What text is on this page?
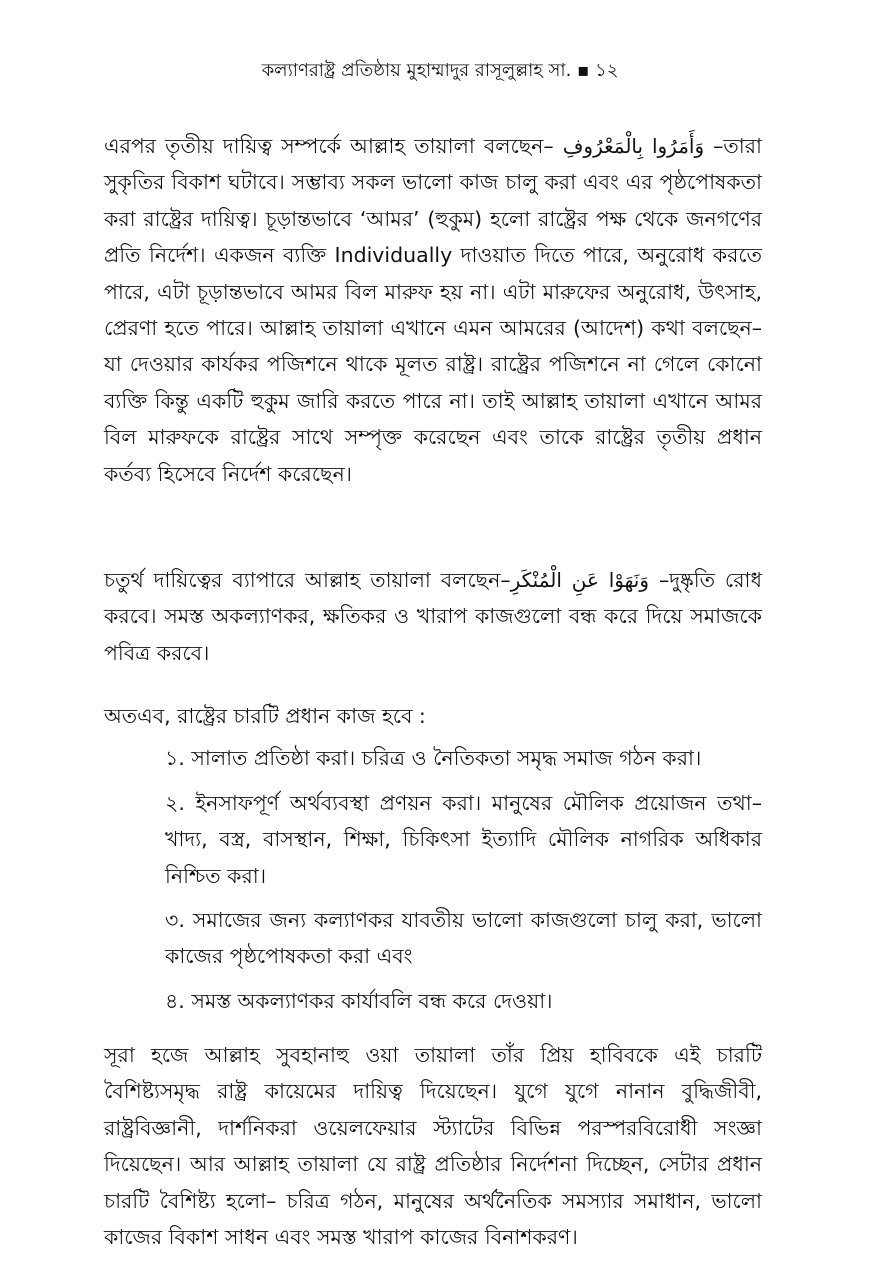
কল্যাণরাষ্ট্র প্রতিষ্ঠায় মুহাম্মাদুর রাসূলুল্লাহ সা. ▪ ১২

এরপর তৃতীয় দায়িত্ব সম্পর্কে আল্লাহ তায়ালা বলছেন– وَأَمَرُوا بِالْمَعْرُوفِ –তারা সুকৃতির বিকাশ ঘটাবে। সম্ভাব্য সকল ভালো কাজ চালু করা এবং এর পৃষ্ঠপোষকতা করা রাষ্ট্রের দায়িত্ব। চূড়ান্তভাবে ‘আমর’ (হুকুম) হলো রাষ্ট্রের পক্ষ থেকে জনগণের প্রতি নির্দেশ। একজন ব্যক্তি Individually দাওয়াত দিতে পারে, অনুরোধ করতে পারে, এটা চূড়ান্তভাবে আমর বিল মারুফ হয় না। এটা মারুফের অনুরোধ, উৎসাহ, প্রেরণা হতে পারে। আল্লাহ তায়ালা এখানে এমন আমরের (আদেশ) কথা বলছেন– যা দেওয়ার কার্যকর পজিশনে থাকে মূলত রাষ্ট্র। রাষ্ট্রের পজিশনে না গেলে কোনো ব্যক্তি কিন্তু একটি হুকুম জারি করতে পারে না। তাই আল্লাহ তায়ালা এখানে আমর বিল মারুফকে রাষ্ট্রের সাথে সম্পৃক্ত করেছেন এবং তাকে রাষ্ট্রের তৃতীয় প্রধান কর্তব্য হিসেবে নির্দেশ করেছেন।

চতুর্থ দায়িত্বের ব্যাপারে আল্লাহ তায়ালা বলছেন–وَنَهَوْا عَنِ الْمُنْكَرِ –দুষ্কৃতি রোধ করবে। সমস্ত অকল্যাণকর, ক্ষতিকর ও খারাপ কাজগুলো বন্ধ করে দিয়ে সমাজকে পবিত্র করবে।

অতএব, রাষ্ট্রের চারটি প্রধান কাজ হবে :

১. সালাত প্রতিষ্ঠা করা। চরিত্র ও নৈতিকতা সমৃদ্ধ সমাজ গঠন করা।

২. ইনসাফপূর্ণ অর্থব্যবস্থা প্রণয়ন করা। মানুষের মৌলিক প্রয়োজন তথা– খাদ্য, বস্ত্র, বাসস্থান, শিক্ষা, চিকিৎসা ইত্যাদি মৌলিক নাগরিক অধিকার নিশ্চিত করা।

৩. সমাজের জন্য কল্যাণকর যাবতীয় ভালো কাজগুলো চালু করা, ভালো কাজের পৃষ্ঠপোষকতা করা এবং

৪. সমস্ত অকল্যাণকর কার্যাবলি বন্ধ করে দেওয়া।

সূরা হজে আল্লাহ সুবহানাহু ওয়া তায়ালা তাঁর প্রিয় হাবিবকে এই চারটি বৈশিষ্ট্যসমৃদ্ধ রাষ্ট্র কায়েমের দায়িত্ব দিয়েছেন। যুগে যুগে নানান বুদ্ধিজীবী, রাষ্ট্রবিজ্ঞানী, দার্শনিকরা ওয়েলফেয়ার স্ট্যাটের বিভিন্ন পরস্পরবিরোধী সংজ্ঞা দিয়েছেন। আর আল্লাহ তায়ালা যে রাষ্ট্র প্রতিষ্ঠার নির্দেশনা দিচ্ছেন, সেটার প্রধান চারটি বৈশিষ্ট্য হলো– চরিত্র গঠন, মানুষের অর্থনৈতিক সমস্যার সমাধান, ভালো কাজের বিকাশ সাধন এবং সমস্ত খারাপ কাজের বিনাশকরণ।
